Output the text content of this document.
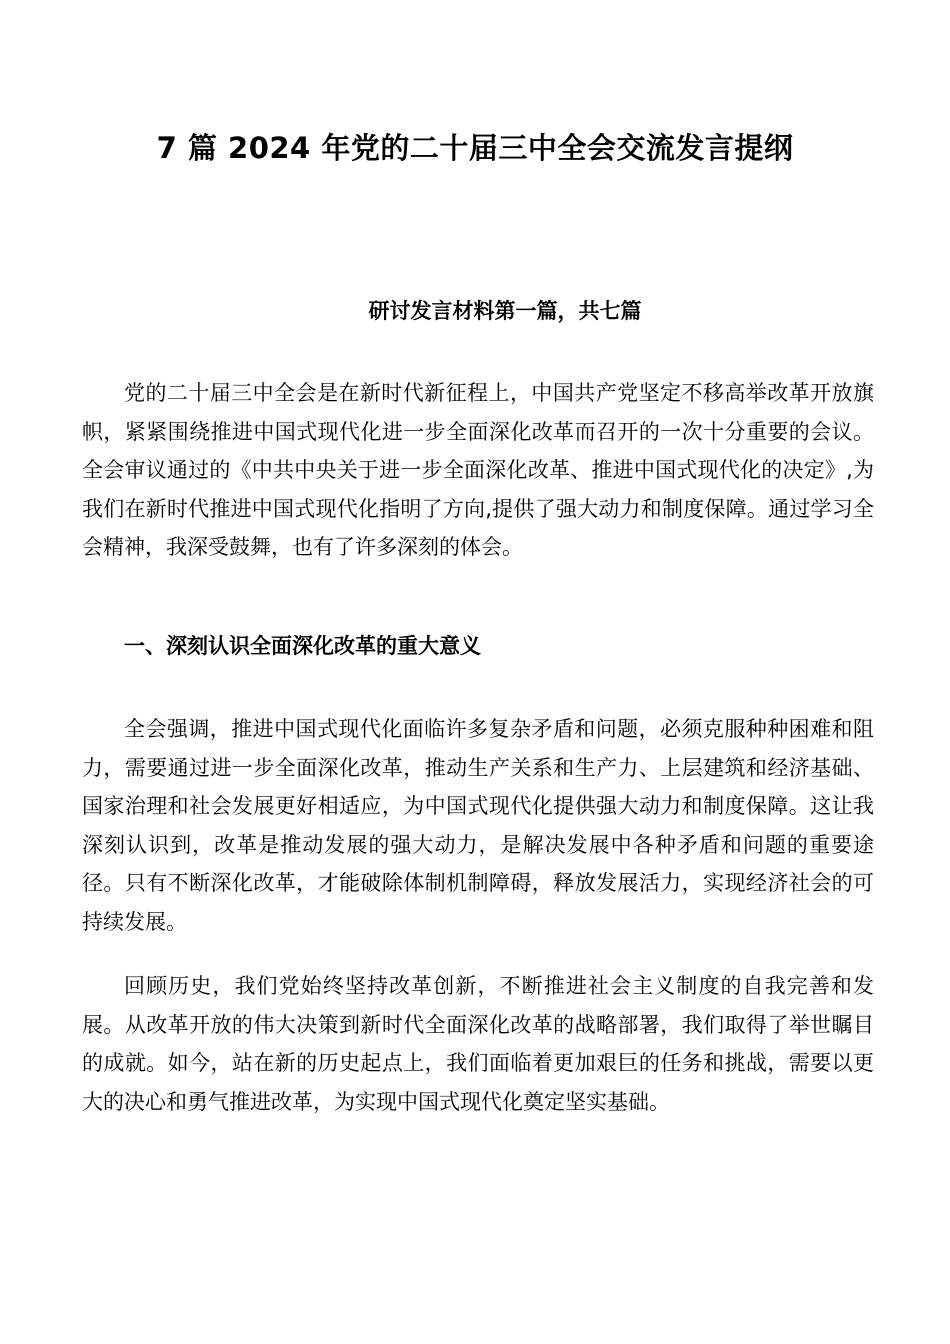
7 篇 2024 年党的二十届三中全会交流发言提纲
研讨发言材料第一篇，共七篇

党的二十届三中全会是在新时代新征程上，中国共产党坚定不移高举改革开放旗帜，紧紧围绕推进中国式现代化进一步全面深化改革而召开的一次十分重要的会议。全会审议通过的《中共中央关于进一步全面深化改革、推进中国式现代化的决定》,为我们在新时代推进中国式现代化指明了方向,提供了强大动力和制度保障。通过学习全会精神，我深受鼓舞，也有了许多深刻的体会。

一、深刻认识全面深化改革的重大意义

全会强调，推进中国式现代化面临许多复杂矛盾和问题，必须克服种种困难和阻力，需要通过进一步全面深化改革，推动生产关系和生产力、上层建筑和经济基础、国家治理和社会发展更好相适应，为中国式现代化提供强大动力和制度保障。这让我深刻认识到，改革是推动发展的强大动力，是解决发展中各种矛盾和问题的重要途径。只有不断深化改革，才能破除体制机制障碍，释放发展活力，实现经济社会的可持续发展。

回顾历史，我们党始终坚持改革创新，不断推进社会主义制度的自我完善和发展。从改革开放的伟大决策到新时代全面深化改革的战略部署，我们取得了举世瞩目的成就。如今，站在新的历史起点上，我们面临着更加艰巨的任务和挑战，需要以更大的决心和勇气推进改革，为实现中国式现代化奠定坚实基础。
